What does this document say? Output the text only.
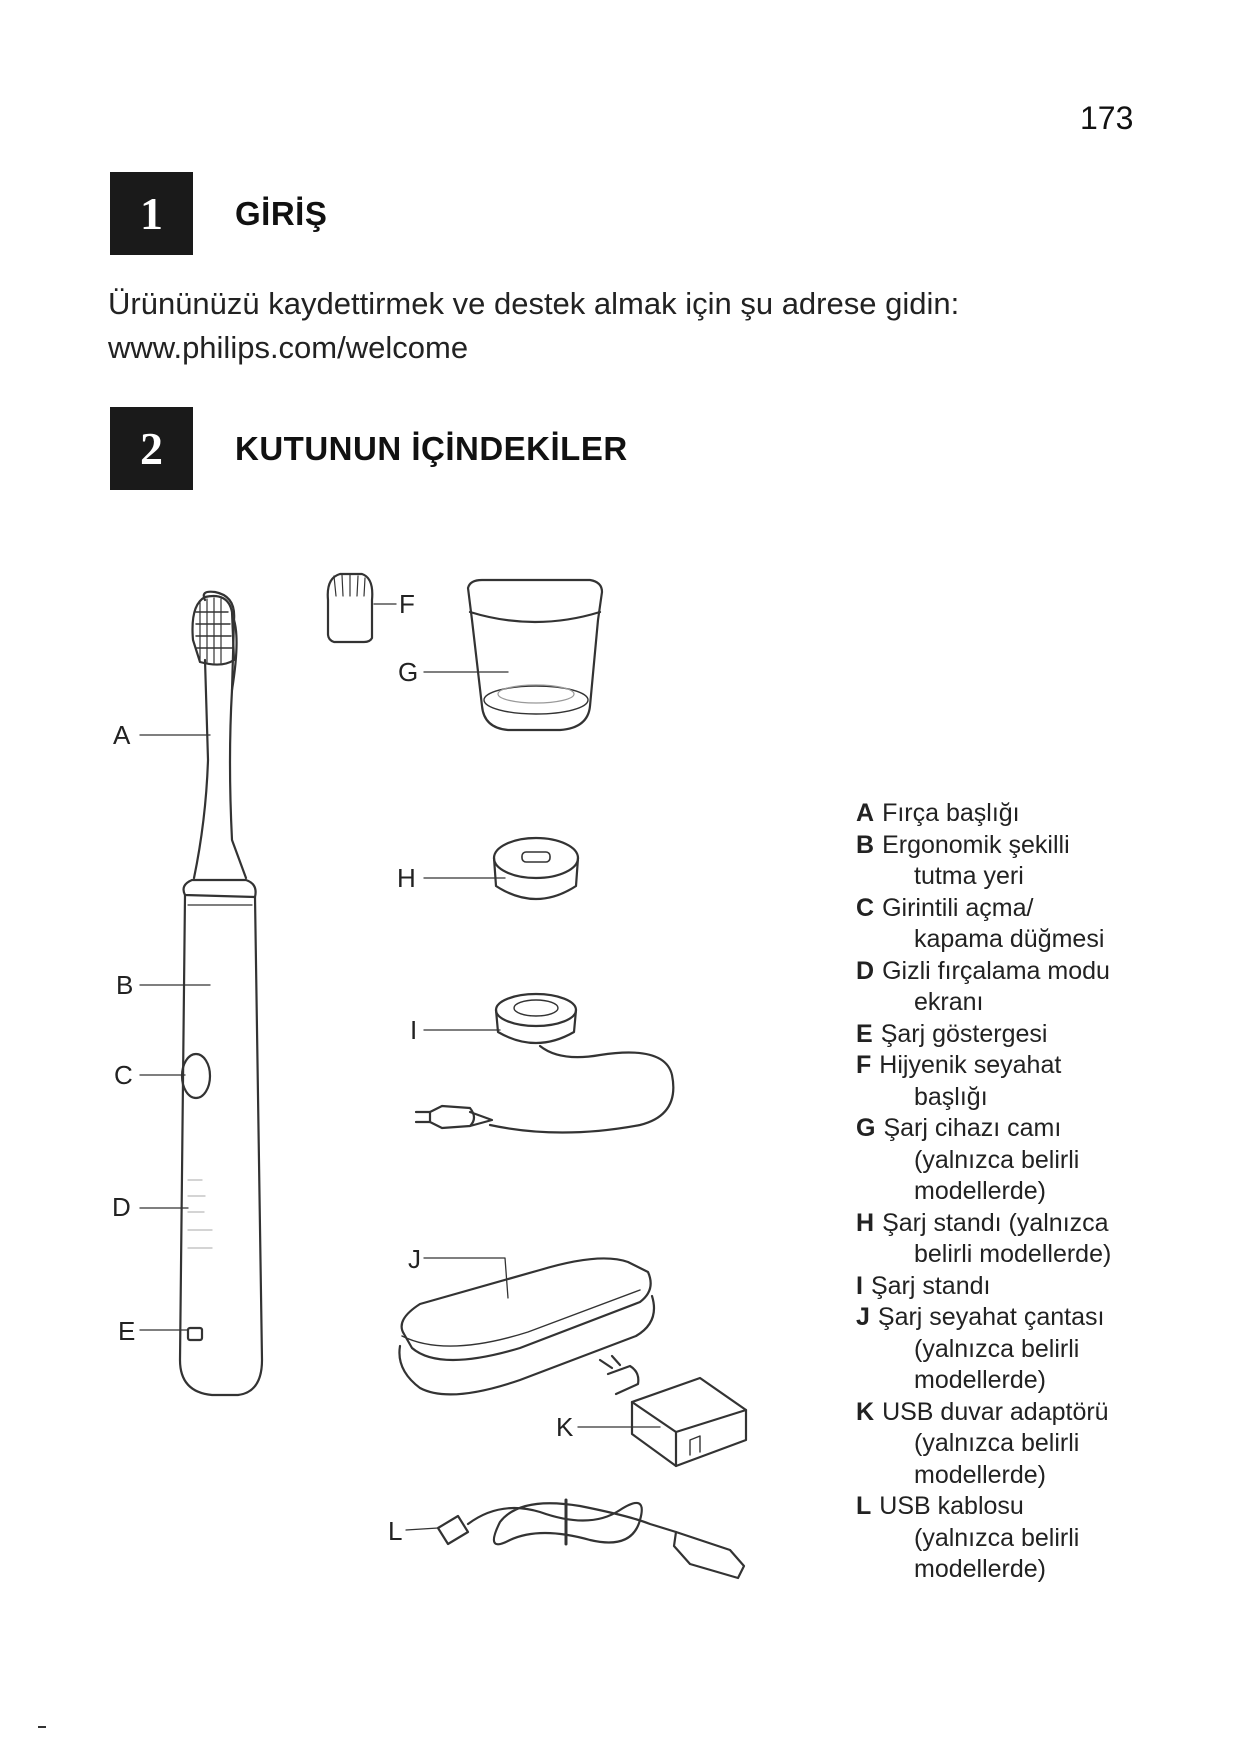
173
1	GİRİŞ
Ürününüzü kaydettirmek ve destek almak için şu adrese gidin:
www.philips.com/welcome
2	KUTUNUN İÇİNDEKİLER
A
B
C
D
E
F
G
H
I
J
K
L
A Fırça başlığı
B Ergonomik şekilli
tutma yeri
C Girintili açma/
kapama düğmesi
D Gizli fırçalama modu
ekranı
E Şarj göstergesi
F Hijyenik seyahat
başlığı
G Şarj cihazı camı
(yalnızca belirli
modellerde)
H Şarj standı (yalnızca
belirli modellerde)
I Şarj standı
J Şarj seyahat çantası
(yalnızca belirli
modellerde)
K USB duvar adaptörü
(yalnızca belirli
modellerde)
L USB kablosu
(yalnızca belirli
modellerde)
